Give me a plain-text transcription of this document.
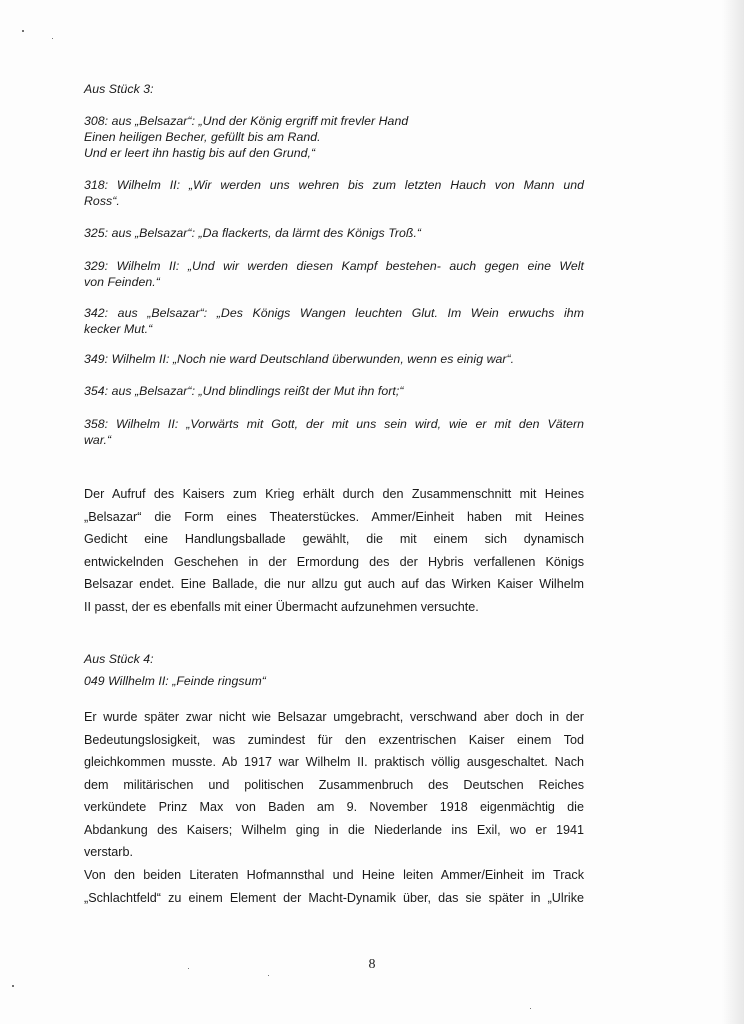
Aus Stück 3:
308: aus „Belsazar“: „Und der König ergriff mit frevler Hand
Einen heiligen Becher, gefüllt bis am Rand.
Und er leert ihn hastig bis auf den Grund,“
318: Wilhelm II: „Wir werden uns wehren bis zum letzten Hauch von Mann und
Ross“.
325: aus „Belsazar“: „Da flackerts, da lärmt des Königs Troß.“
329: Wilhelm II: „Und wir werden diesen Kampf bestehen- auch gegen eine Welt
von Feinden.“
342: aus „Belsazar“: „Des Königs Wangen leuchten Glut. Im Wein erwuchs ihm
kecker Mut.“
349: Wilhelm II: „Noch nie ward Deutschland überwunden, wenn es einig war“.
354: aus „Belsazar“: „Und blindlings reißt der Mut ihn fort;“
358: Wilhelm II: „Vorwärts mit Gott, der mit uns sein wird, wie er mit den Vätern
war.“
Der Aufruf des Kaisers zum Krieg erhält durch den Zusammenschnitt mit Heines
„Belsazar“ die Form eines Theaterstückes. Ammer/Einheit haben mit Heines
Gedicht eine Handlungsballade gewählt, die mit einem sich dynamisch
entwickelnden Geschehen in der Ermordung des der Hybris verfallenen Königs
Belsazar endet. Eine Ballade, die nur allzu gut auch auf das Wirken Kaiser Wilhelm
II passt, der es ebenfalls mit einer Übermacht aufzunehmen versuchte.
Aus Stück 4:
049 Willhelm II: „Feinde ringsum“
Er wurde später zwar nicht wie Belsazar umgebracht, verschwand aber doch in der
Bedeutungslosigkeit, was zumindest für den exzentrischen Kaiser einem Tod
gleichkommen musste. Ab 1917 war Wilhelm II. praktisch völlig ausgeschaltet. Nach
dem militärischen und politischen Zusammenbruch des Deutschen Reiches
verkündete Prinz Max von Baden am 9. November 1918 eigenmächtig die
Abdankung des Kaisers; Wilhelm ging in die Niederlande ins Exil, wo er 1941
verstarb.
Von den beiden Literaten Hofmannsthal und Heine leiten Ammer/Einheit im Track
„Schlachtfeld“ zu einem Element der Macht-Dynamik über, das sie später in „Ulrike
8
